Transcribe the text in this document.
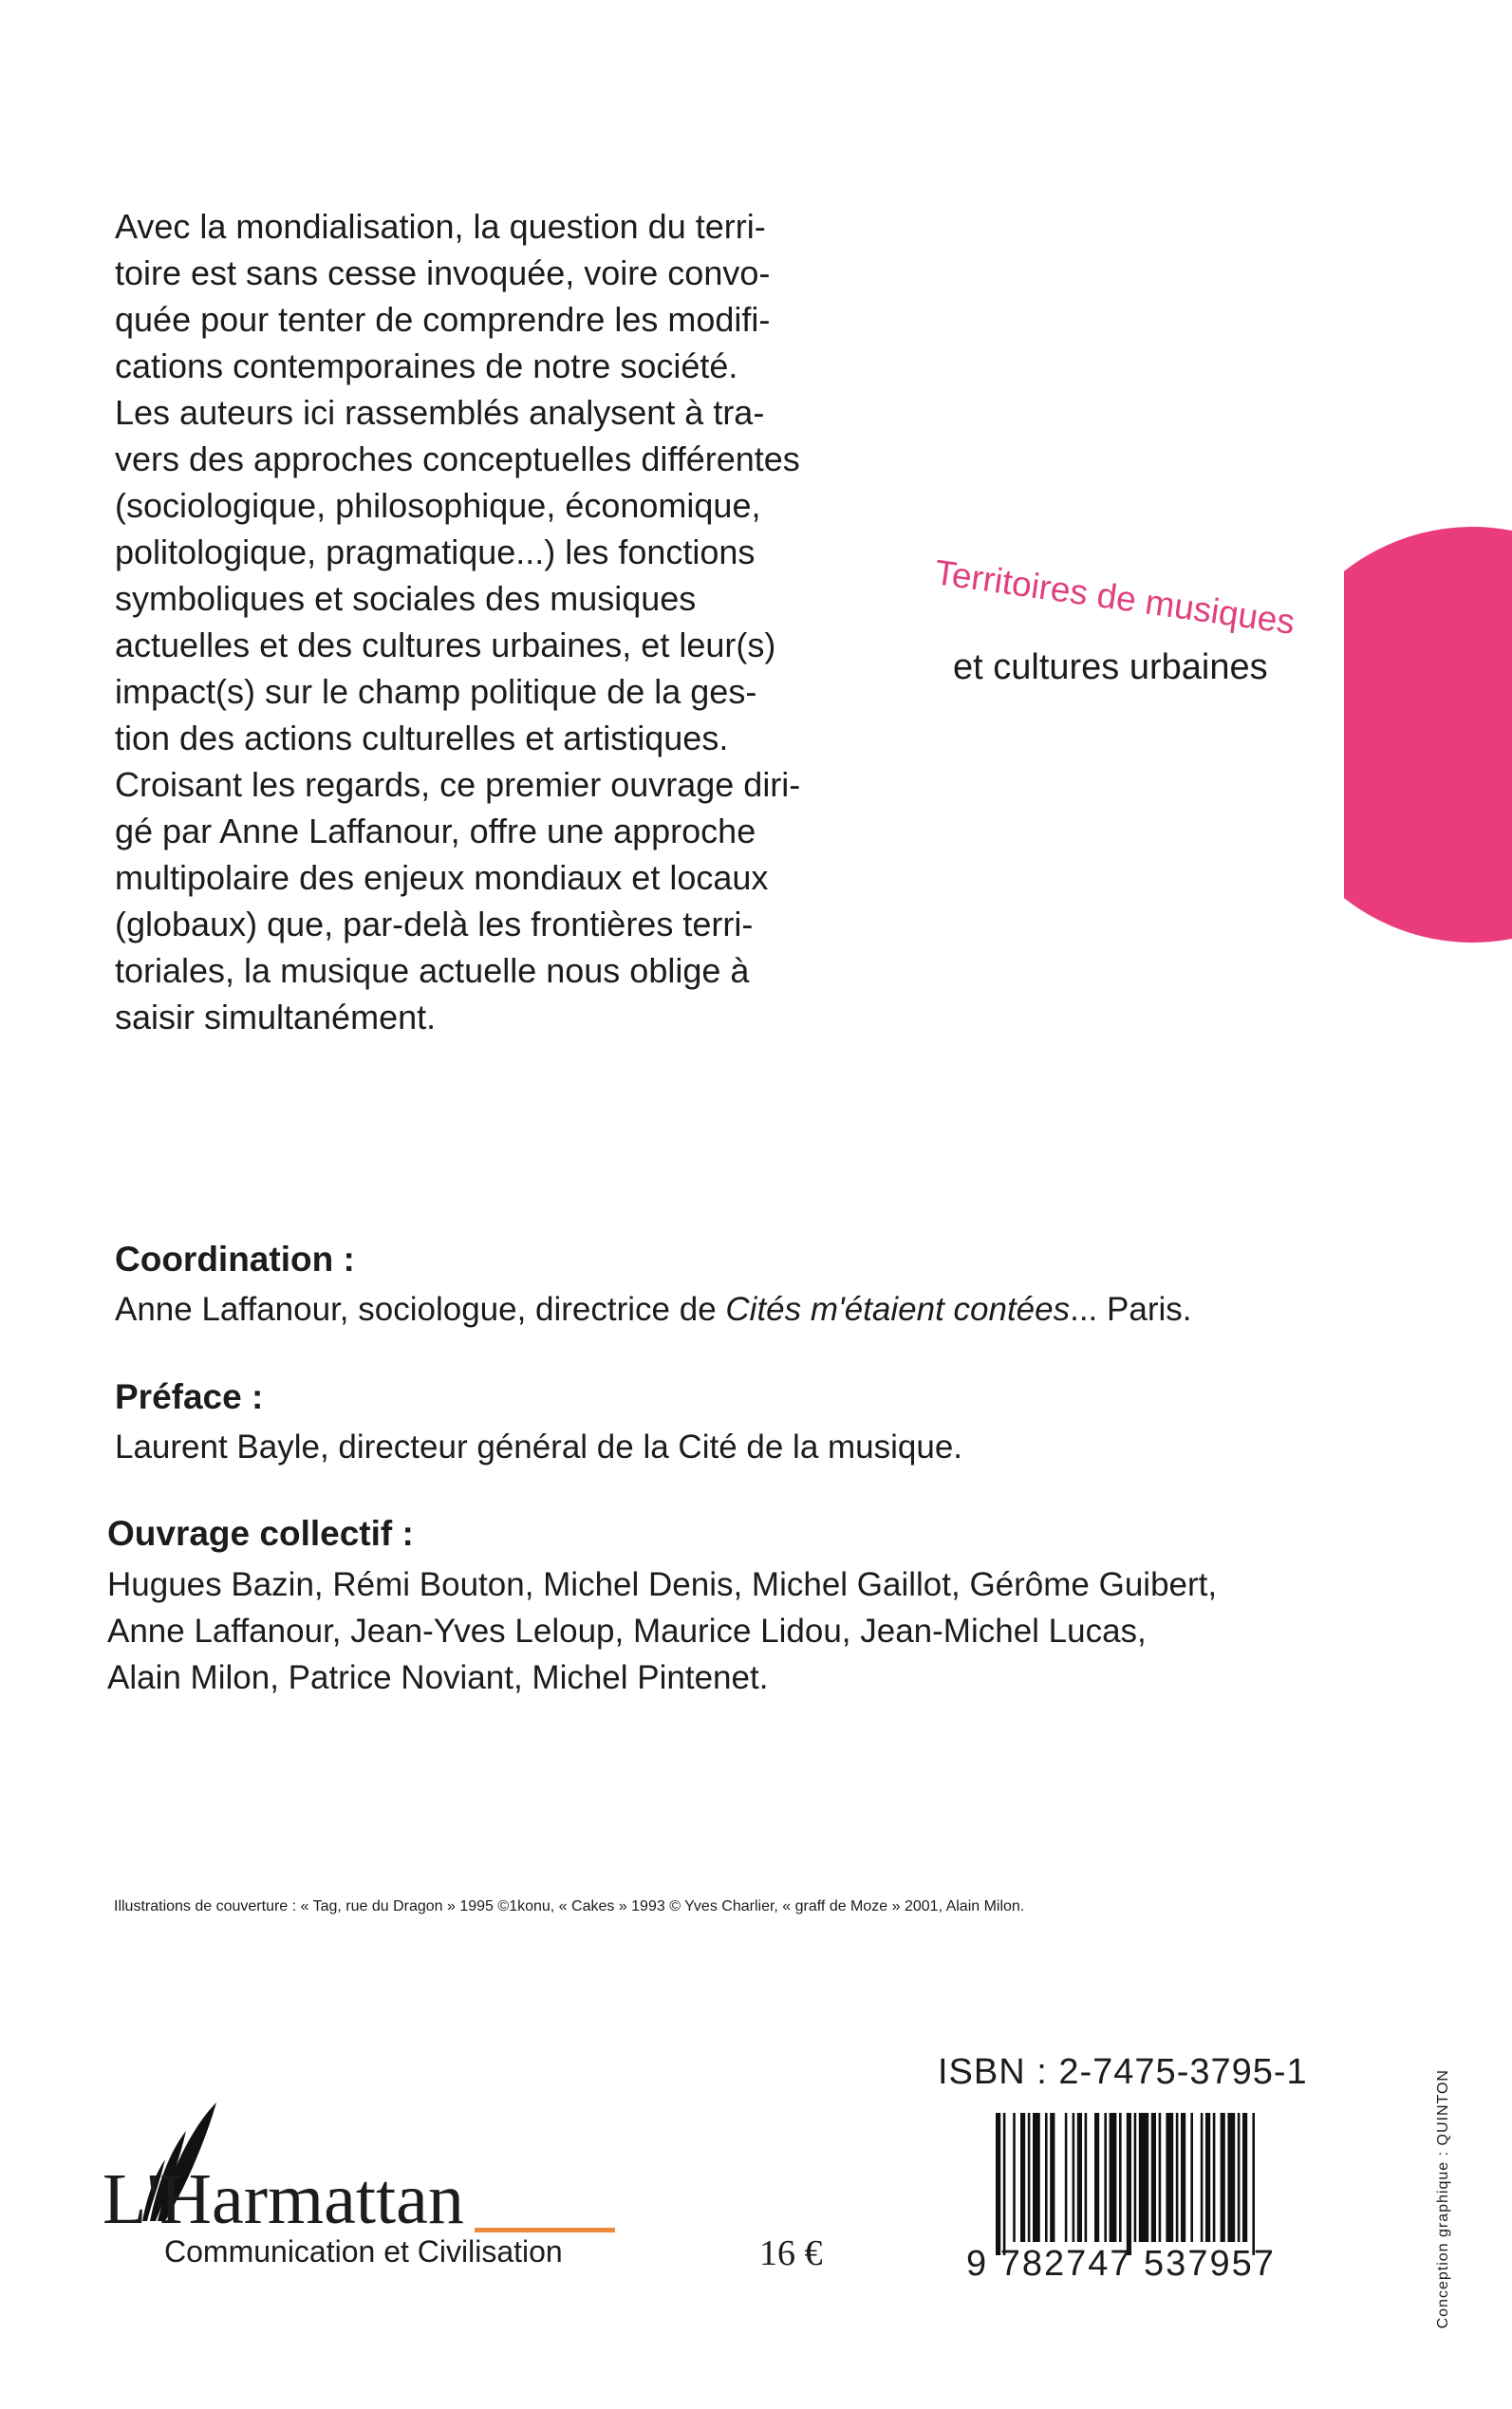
Avec la mondialisation, la question du terri-
toire est sans cesse invoquée, voire convo-
quée pour tenter de comprendre les modifi-
cations contemporaines de notre société.
Les auteurs ici rassemblés analysent à tra-
vers des approches conceptuelles différentes
(sociologique, philosophique, économique,
politologique, pragmatique...) les fonctions
symboliques et sociales des musiques
actuelles et des cultures urbaines, et leur(s)
impact(s) sur le champ politique de la ges-
tion des actions culturelles et artistiques.
Croisant les regards, ce premier ouvrage diri-
gé par Anne Laffanour, offre une approche
multipolaire des enjeux mondiaux et locaux
(globaux) que, par-delà les frontières terri-
toriales, la musique actuelle nous oblige à
saisir simultanément.
Territoires de musiques
et cultures urbaines
Coordination :
Anne Laffanour, sociologue, directrice de Cités m'étaient contées... Paris.
Préface :
Laurent Bayle, directeur général de la Cité de la musique.
Ouvrage collectif :
Hugues Bazin, Rémi Bouton, Michel Denis, Michel Gaillot, Gérôme Guibert,
Anne Laffanour, Jean-Yves Leloup, Maurice Lidou, Jean-Michel Lucas,
Alain Milon, Patrice Noviant, Michel Pintenet.
Illustrations de couverture : « Tag, rue du Dragon » 1995 ©1konu, « Cakes » 1993 © Yves Charlier, « graff de Moze » 2001, Alain Milon.
ISBN : 2-7475-3795-1
9 782747 537957
L'Harmattan
Communication et Civilisation	16 €	Conception graphique : QUINTON
